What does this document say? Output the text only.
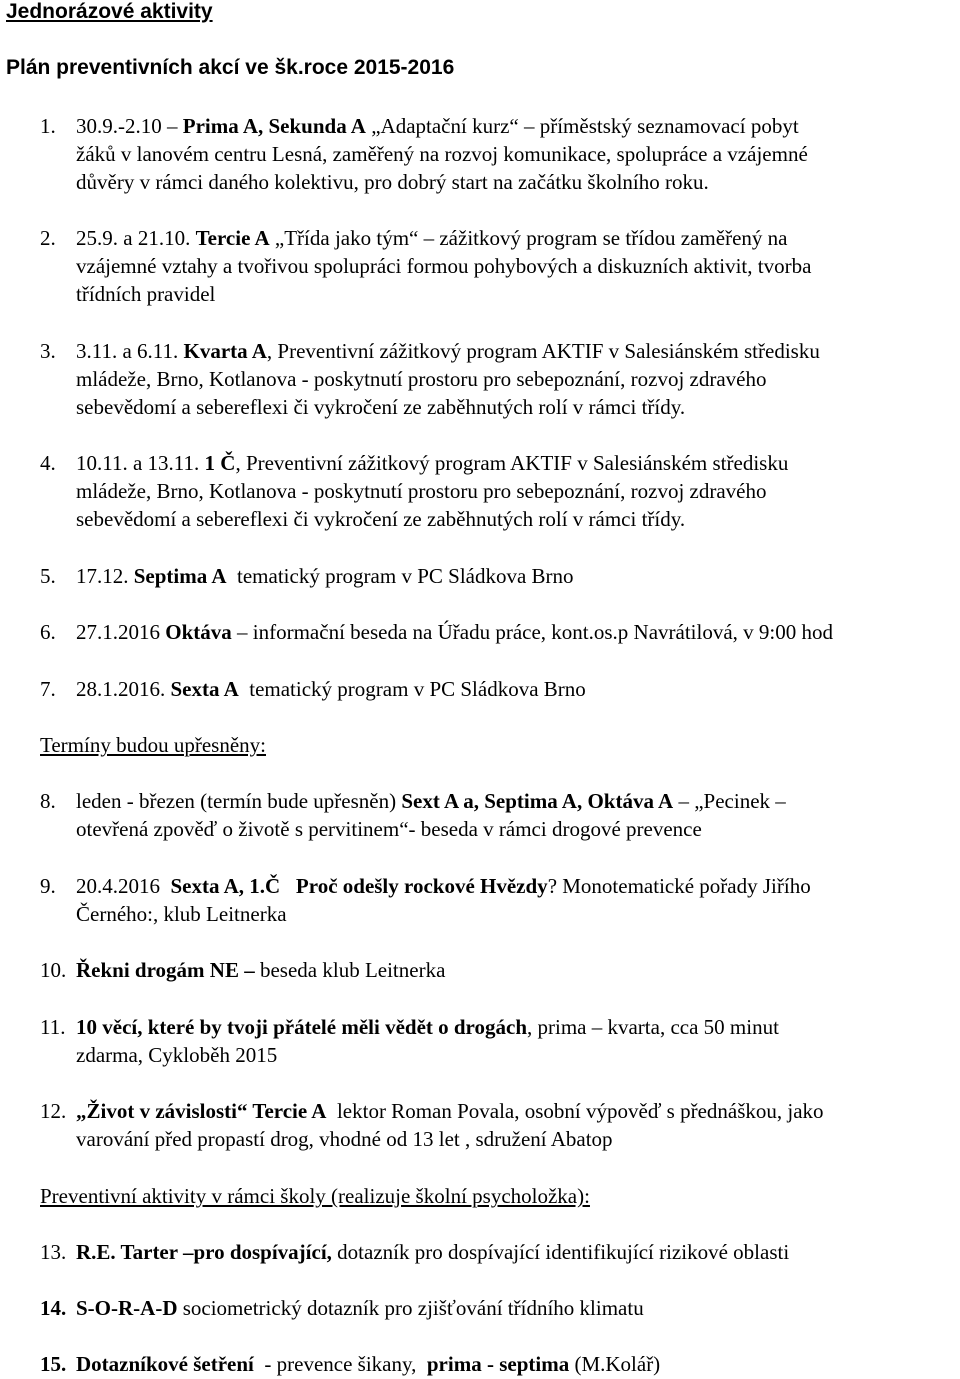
Jednorázové aktivity
Plán preventivních akcí ve šk.roce 2015-2016
1. 30.9.-2.10 – Prima A, Sekunda A „Adaptační kurz“ – příměstský seznamovací pobyt
žáků v lanovém centru Lesná, zaměřený na rozvoj komunikace, spolupráce a vzájemné
důvěry v rámci daného kolektivu, pro dobrý start na začátku školního roku.
2. 25.9. a 21.10. Tercie A „Třída jako tým“ – zážitkový program se třídou zaměřený na
vzájemné vztahy a tvořivou spolupráci formou pohybových a diskuzních aktivit, tvorba
třídních pravidel
3. 3.11. a 6.11. Kvarta A, Preventivní zážitkový program AKTIF v Salesiánském středisku
mládeže, Brno, Kotlanova - poskytnutí prostoru pro sebepoznání, rozvoj zdravého
sebevědomí a sebereflexi či vykročení ze zaběhnutých rolí v rámci třídy.
4. 10.11. a 13.11. 1 Č, Preventivní zážitkový program AKTIF v Salesiánském středisku
mládeže, Brno, Kotlanova - poskytnutí prostoru pro sebepoznání, rozvoj zdravého
sebevědomí a sebereflexi či vykročení ze zaběhnutých rolí v rámci třídy.
5. 17.12. Septima A tematický program v PC Sládkova Brno
6. 27.1.2016 Oktáva – informační beseda na Úřadu práce, kont.os.p Navrátilová, v 9:00 hod
7. 28.1.2016. Sexta A tematický program v PC Sládkova Brno
Termíny budou upřesněny:
8. leden - březen (termín bude upřesněn) Sext A a, Septima A, Oktáva A – „Pecinek –
otevřená zpověď o životě s pervitinem“- beseda v rámci drogové prevence
9. 20.4.2016 Sexta A, 1.Č Proč odešly rockové Hvězdy? Monotematické pořady Jiřího
Černého:, klub Leitnerka
10. Řekni drogám NE – beseda klub Leitnerka
11. 10 věcí, které by tvoji přátelé měli vědět o drogách, prima – kvarta, cca 50 minut
zdarma, Cykloběh 2015
12. „Život v závislosti“ Tercie A lektor Roman Povala, osobní výpověď s přednáškou, jako
varování před propastí drog, vhodné od 13 let , sdružení Abatop
Preventivní aktivity v rámci školy (realizuje školní psycholožka):
13. R.E. Tarter –pro dospívající, dotazník pro dospívající identifikující rizikové oblasti
14. S-O-R-A-D sociometrický dotazník pro zjišťování třídního klimatu
15. Dotazníkové šetření - prevence šikany, prima - septima (M.Kolář)
